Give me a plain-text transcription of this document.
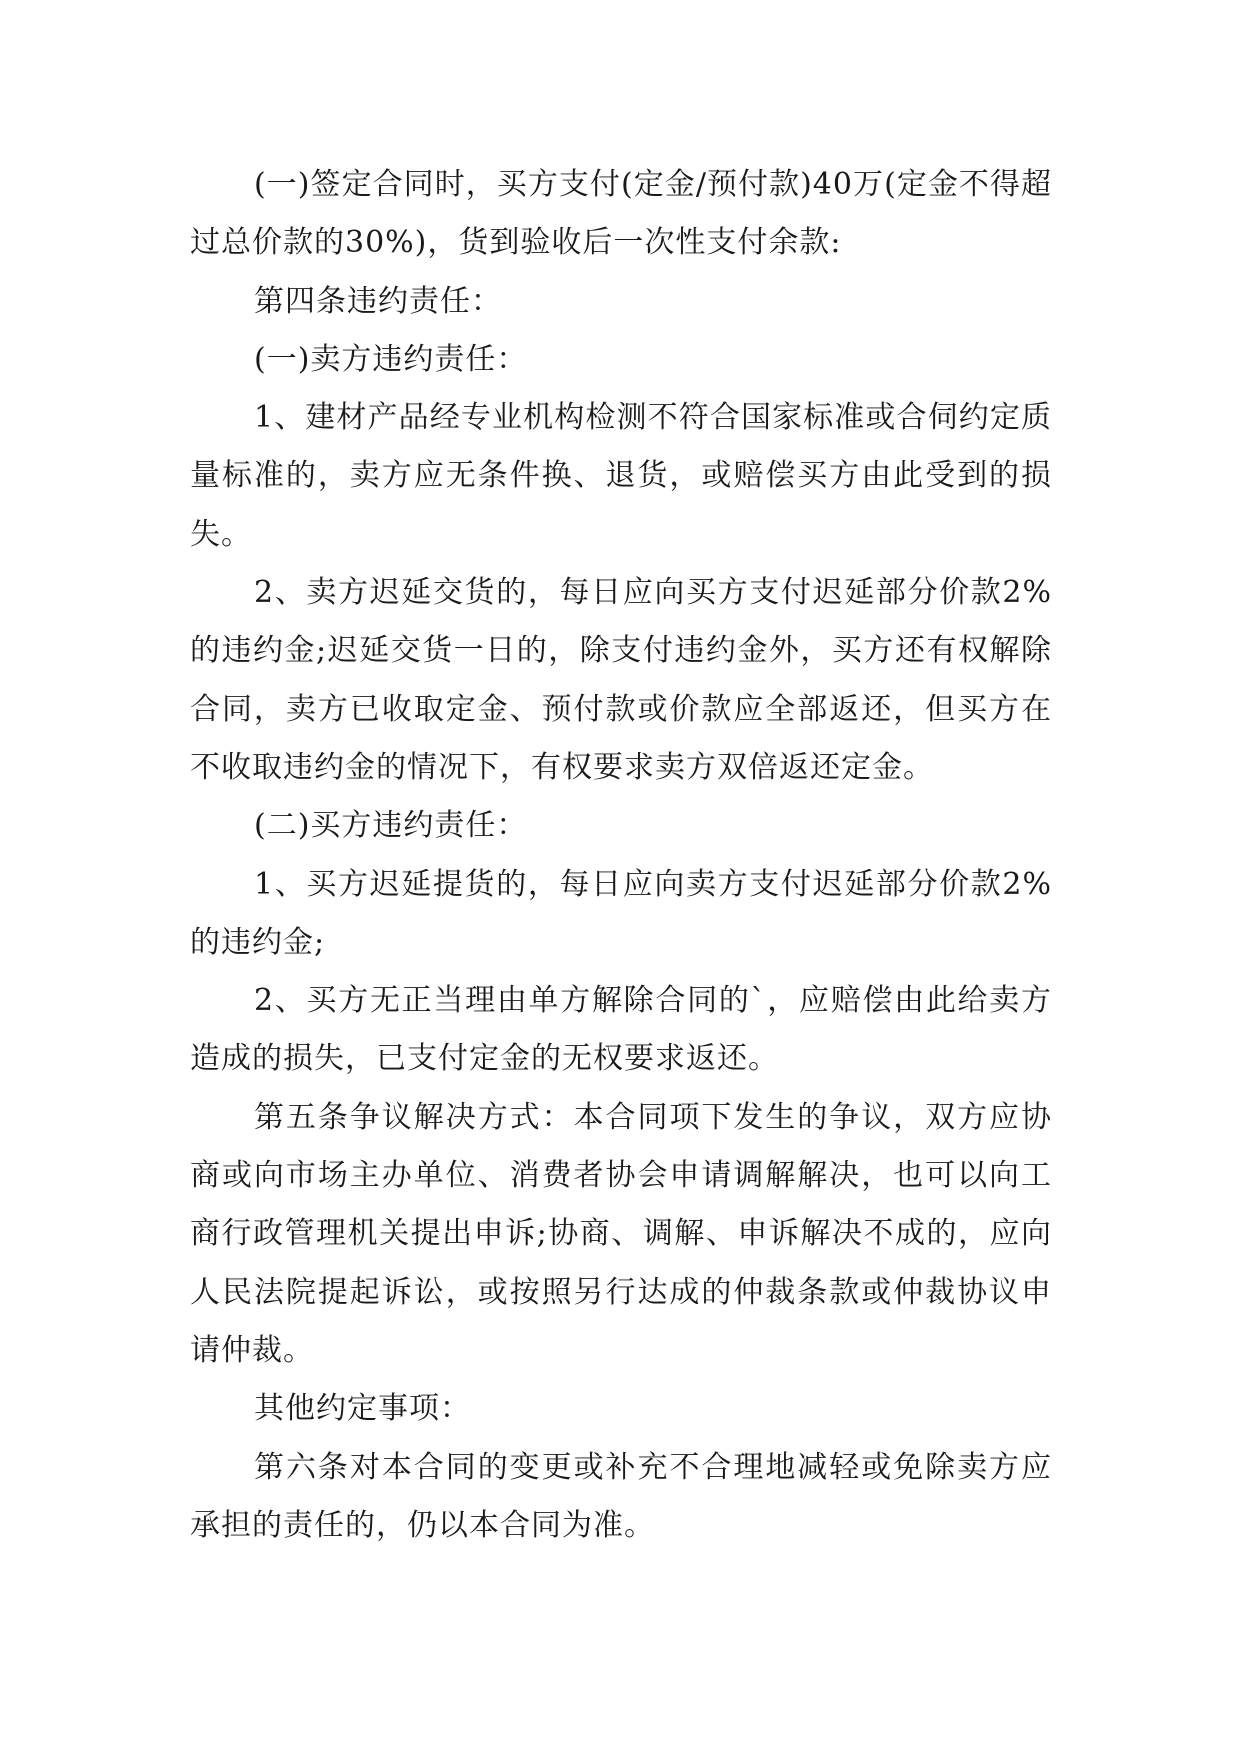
(一)签定合同时，买方支付(定金/预付款)40万(定金不得超过总价款的30%)，货到验收后一次性支付余款:

第四条违约责任：

(一)卖方违约责任：

1、建材产品经专业机构检测不符合国家标准或合伺约定质量标准的，卖方应无条件换、退货，或赔偿买方由此受到的损失。

2、卖方迟延交货的，每日应向买方支付迟延部分价款2%的违约金;迟延交货一日的，除支付违约金外，买方还有权解除合同，卖方已收取定金、预付款或价款应全部返还，但买方在不收取违约金的情况下，有权要求卖方双倍返还定金。

(二)买方违约责任：

1、买方迟延提货的，每日应向卖方支付迟延部分价款2%的违约金;

2、买方无正当理由单方解除合同的`，应赔偿由此给卖方造成的损失，已支付定金的无权要求返还。

第五条争议解决方式：本合同项下发生的争议，双方应协商或向市场主办单位、消费者协会申请调解解决，也可以向工商行政管理机关提出申诉;协商、调解、申诉解决不成的，应向人民法院提起诉讼，或按照另行达成的仲裁条款或仲裁协议申请仲裁。

其他约定事项：

第六条对本合同的变更或补充不合理地减轻或免除卖方应承担的责任的，仍以本合同为准。
